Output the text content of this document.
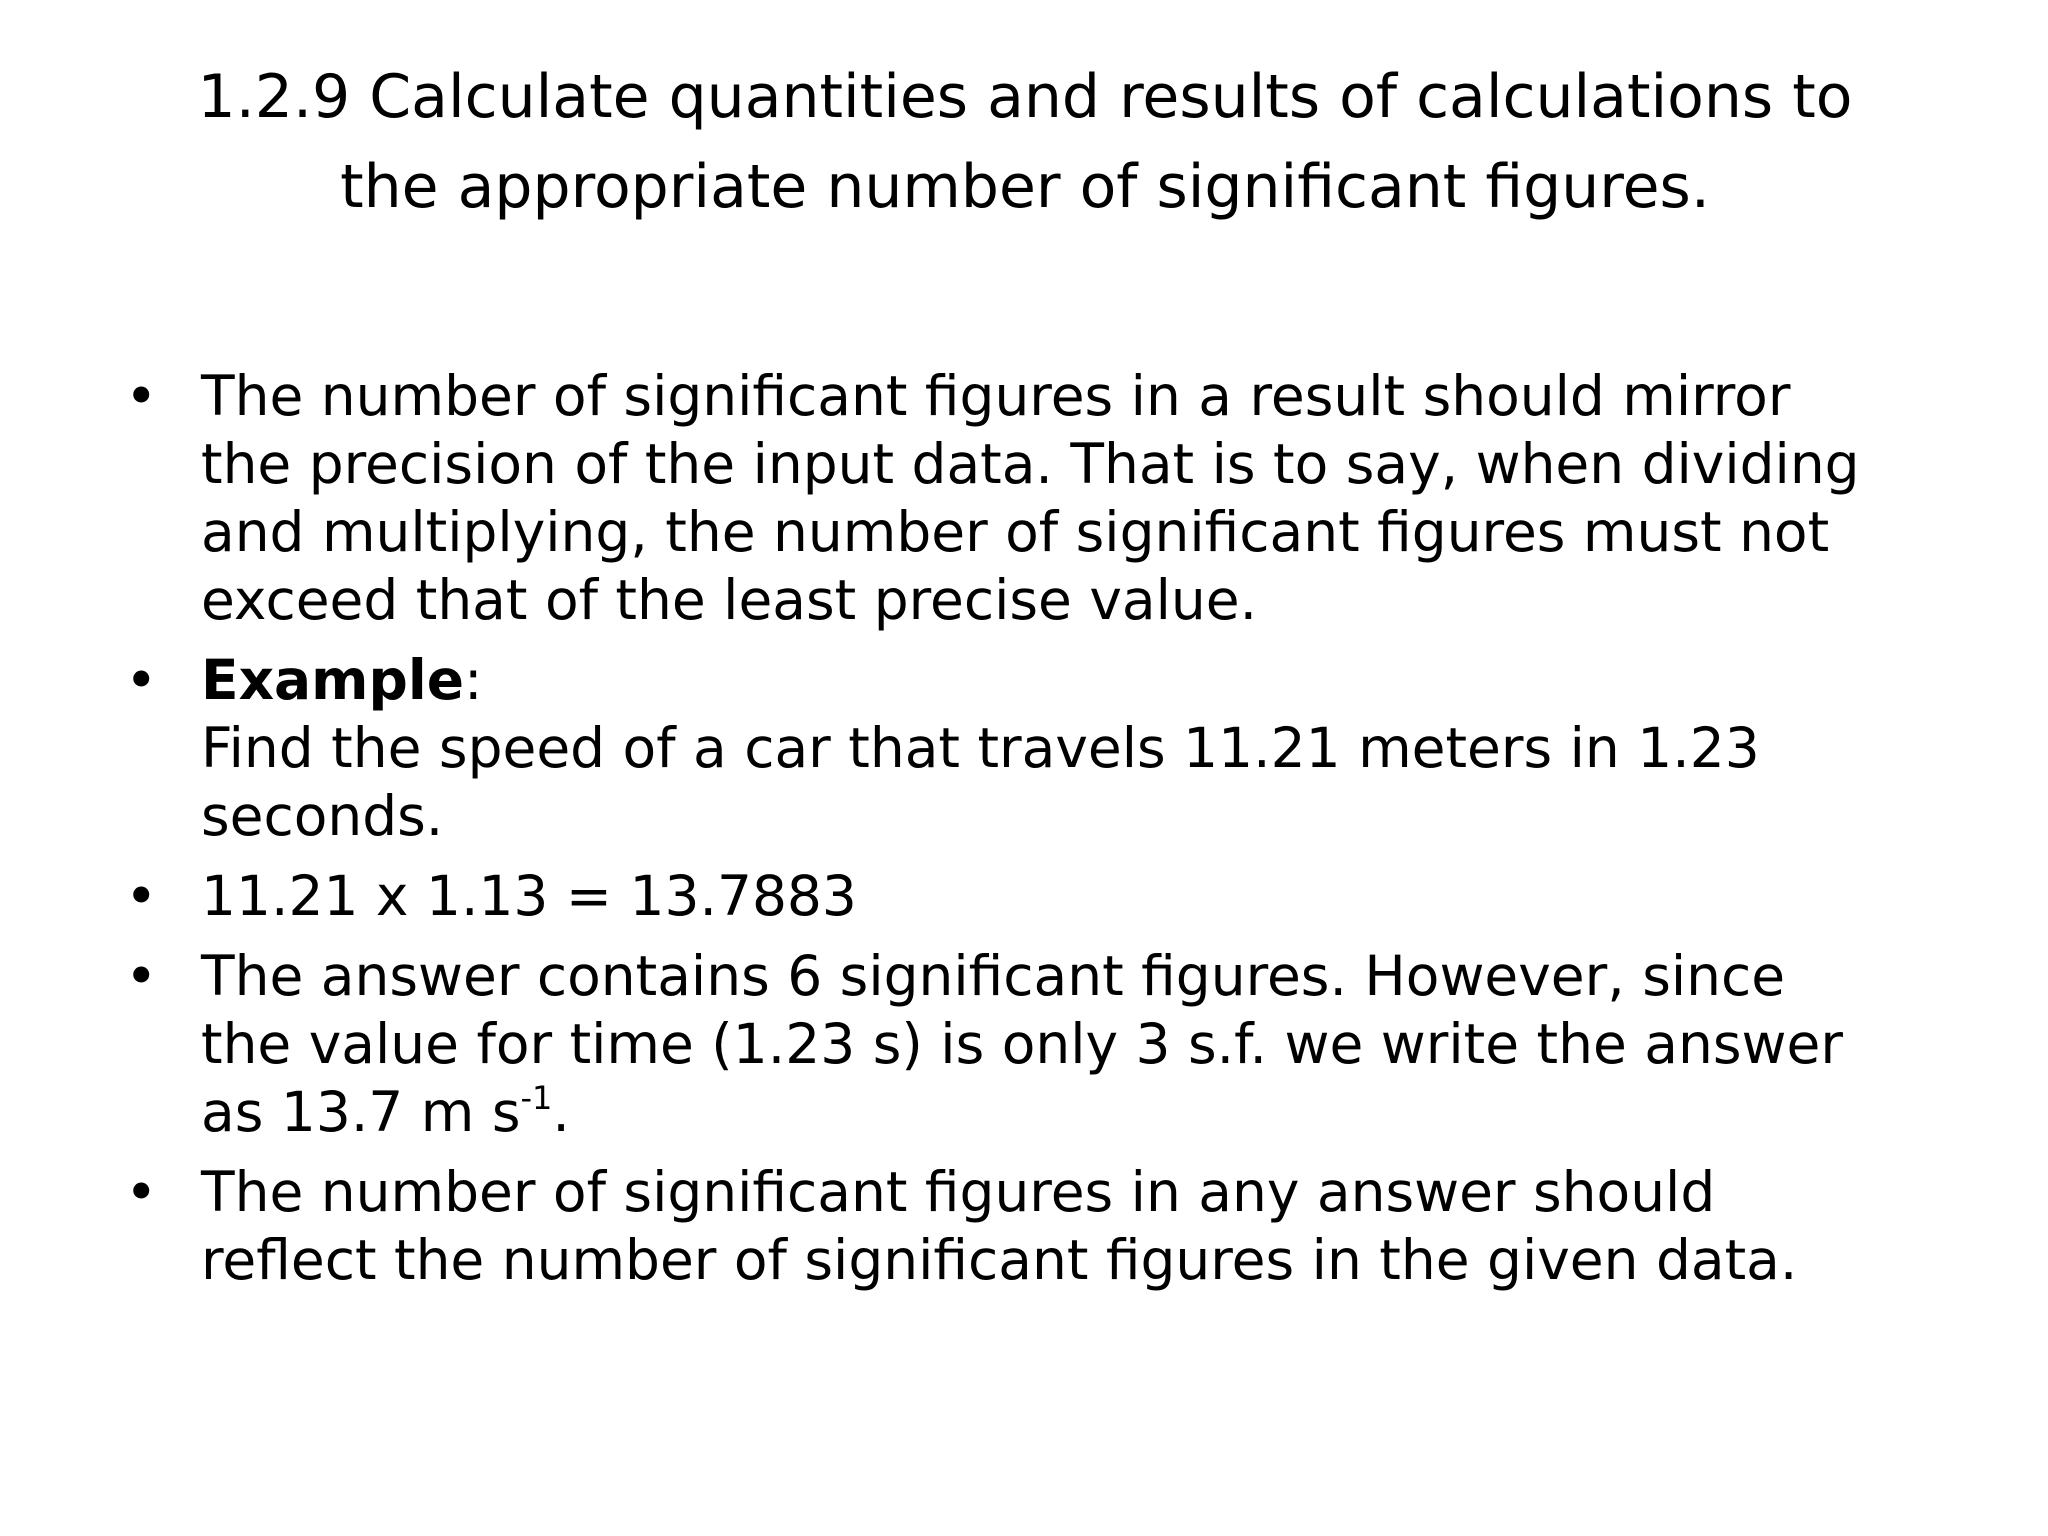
1.2.9 Calculate quantities and results of calculations to
the appropriate number of significant figures.
• The number of significant figures in a result should mirror
the precision of the input data. That is to say, when dividing
and multiplying, the number of significant figures must not
exceed that of the least precise value.
• Example:
Find the speed of a car that travels 11.21 meters in 1.23
seconds.
• 11.21 x 1.13 = 13.7883
• The answer contains 6 significant figures. However, since
the value for time (1.23 s) is only 3 s.f. we write the answer
as 13.7 m $s^{-1}$.
• The number of significant figures in any answer should
reflect the number of significant figures in the given data.
